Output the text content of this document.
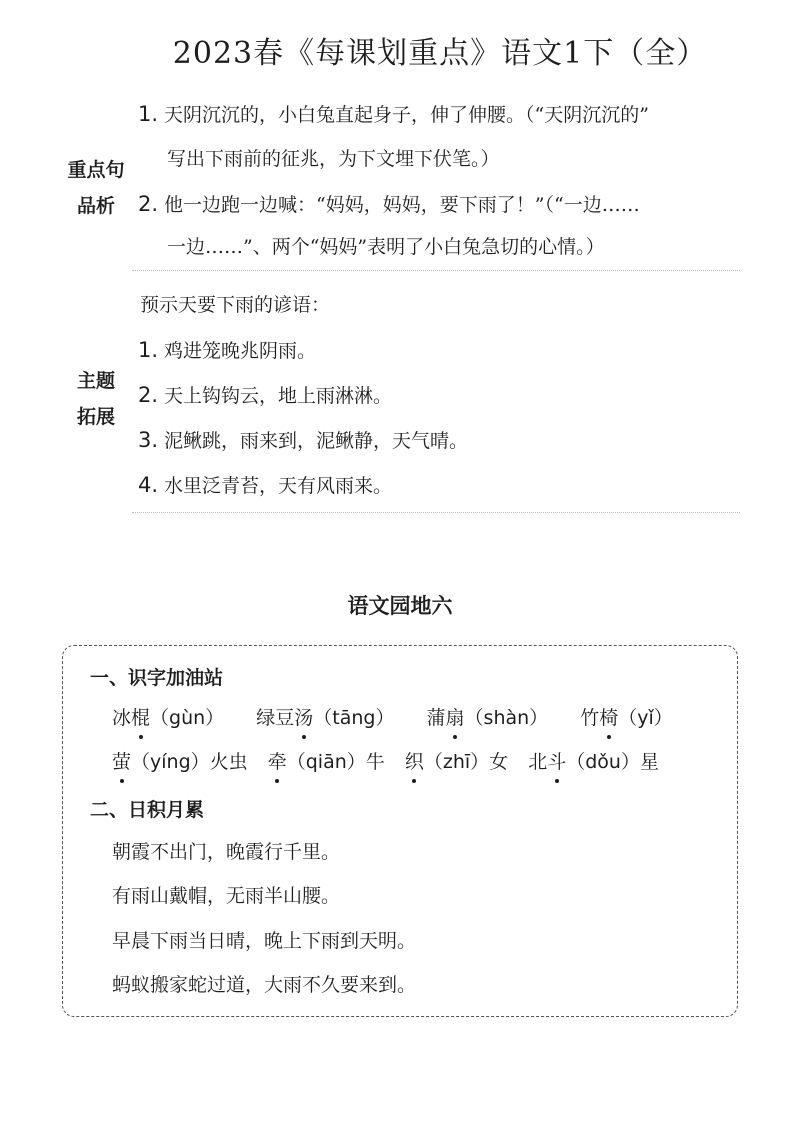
2023春《每课划重点》语文1下（全）
重点句
品析
1. 天阴沉沉的，小白兔直起身子，伸了伸腰。（“天阴沉沉的”
写出下雨前的征兆，为下文埋下伏笔。）
2. 他一边跑一边喊：“妈妈，妈妈，要下雨了！”（“一边……
一边……”、两个“妈妈”表明了小白兔急切的心情。）
主题
拓展
预示天要下雨的谚语：
1. 鸡进笼晚兆阴雨。
2. 天上钩钩云，地上雨淋淋。
3. 泥鳅跳，雨来到，泥鳅静，天气晴。
4. 水里泛青苔，天有风雨来。
语文园地六
一、识字加油站
冰棍（gùn） 绿豆汤（tāng） 蒲扇（shàn） 竹椅（yǐ）
萤（yíng）火虫 牵（qiān）牛 织（zhī）女 北斗（dǒu）星
二、日积月累
朝霞不出门，晚霞行千里。
有雨山戴帽，无雨半山腰。
早晨下雨当日晴，晚上下雨到天明。
蚂蚁搬家蛇过道，大雨不久要来到。
